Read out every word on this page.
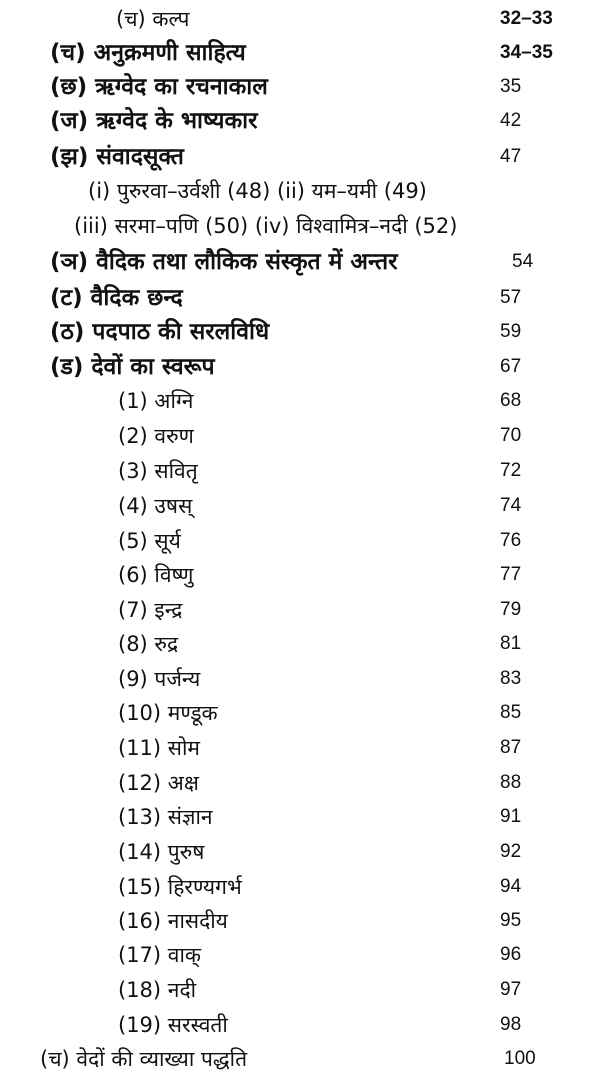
(च) कल्प	32–33
(च) अनुक्रमणी साहित्य	34–35
(छ) ऋग्वेद का रचनाकाल	35
(ज) ऋग्वेद के भाष्यकार	42
(झ) संवादसूक्त	47
(i) पुरुरवा–उर्वशी (48) (ii) यम–यमी (49)
(iii) सरमा–पणि (50) (iv) विश्वामित्र–नदी (52)
(ञ) वैदिक तथा लौकिक संस्कृत में अन्तर	54
(ट) वैदिक छन्द	57
(ठ) पदपाठ की सरलविधि	59
(ड) देवों का स्वरूप	67
(1) अग्नि	68
(2) वरुण	70
(3) सवितृ	72
(4) उषस्	74
(5) सूर्य	76
(6) विष्णु	77
(7) इन्द्र	79
(8) रुद्र	81
(9) पर्जन्य	83
(10) मण्डूक	85
(11) सोम	87
(12) अक्ष	88
(13) संज्ञान	91
(14) पुरुष	92
(15) हिरण्यगर्भ	94
(16) नासदीय	95
(17) वाक्	96
(18) नदी	97
(19) सरस्वती	98
(च) वेदों की व्याख्या पद्धति	100
